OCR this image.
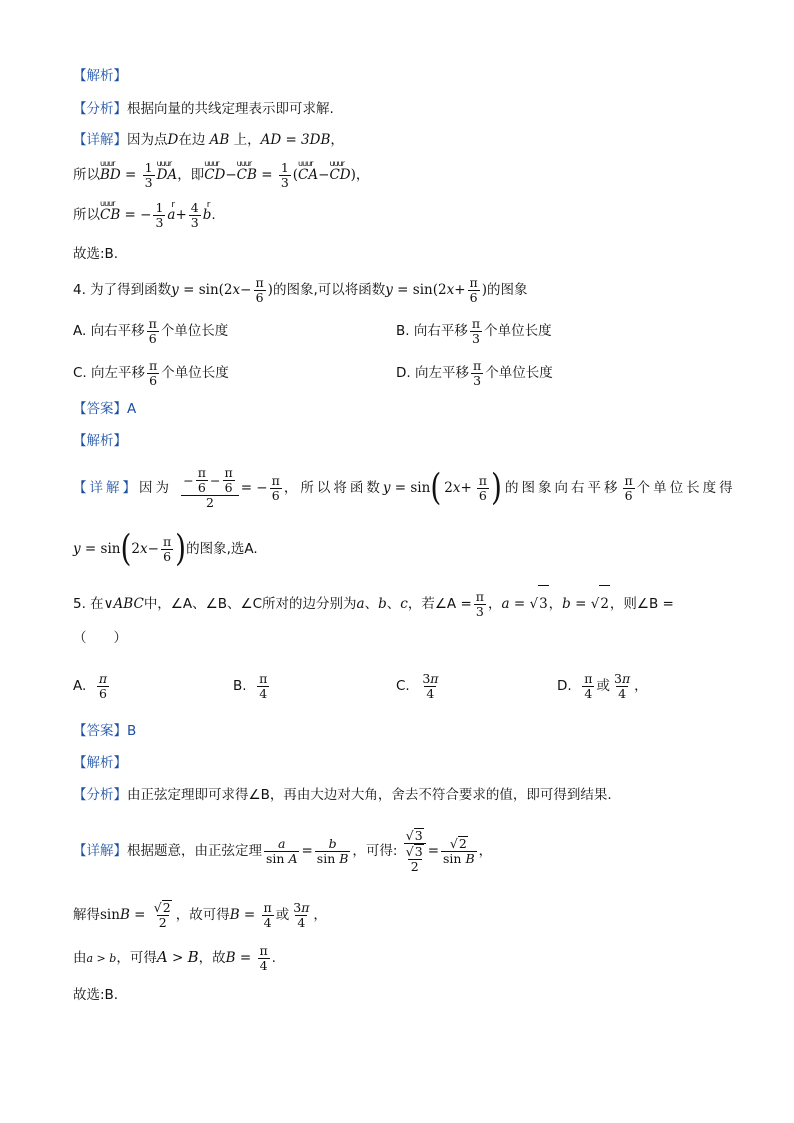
【解析】
【分析】根据向量的共线定理表示即可求解.
【详解】因为点D在边 AB 上，AD = 3DB，
所以uuur BD = $\frac{1}{3}$ uuur DA，即uuur CD−uuur CB = $\frac{1}{3}$ (uuur CA−uuur CD)，
所以uuur CB = − $\frac{1}{3}$ r $a+ \frac{4}{3}$ r b.
故选:B.
4. 为了得到函数$y = \sin(2x- \frac{\pi}{6}$ )的图象,可以将函数$y = \sin(2x+ \frac{\pi}{6}$ )的图象
A. 向右平移 $\frac{\pi}{6}$ 个单位长度	B. 向右平移 $\frac{\pi}{3}$ 个单位长度
C. 向左平移 $\frac{\pi}{6}$ 个单位长度	D. 向左平移 $\frac{\pi}{3}$ 个单位长度
【答案】A
【解析】
【详解】因为 − π
6 − π
6
2 = − $\frac{\pi}{6}$ ，所以将函数$y = \sin(2x+ \frac{\pi}{6}$ )的图象向右平移 $\frac{\pi}{6}$ 个单位长度得
$y = \sin(2x- \frac{\pi}{6}$ )的图象,选A.
5. 在∨ABC中，∠A、∠B、∠C所对的边分别为a、b、c，若∠A = $\frac{\pi}{3}$ ，a = √3，b = √2，则∠B =
（　　）
A. $\frac{\pi}{6}$	B. $\frac{\pi}{4}$	C. $\frac{3\pi}{4}$	D. $\frac{\pi}{4}$ 或 $\frac{3\pi}{4}$ ，
【答案】B
【解析】
【分析】由正弦定理即可求得∠B，再由大边对大角，舍去不符合要求的值，即可得到结果.
【详解】根据题意，由正弦定理 $\frac{a}{\text{sin A}} = \frac{b}{\text{sin B}}$ ，可得: √3
√3
$2 = \frac{√2}{\text{sin B}}$ ，
解得$\sin B = \frac{√2}{2}$ ，故可得$B = \frac{\pi}{4}$ 或 $\frac{3\pi}{4}$ ，
由a > b，可得A > B，故$B = \frac{\pi}{4}$ .
故选:B.
